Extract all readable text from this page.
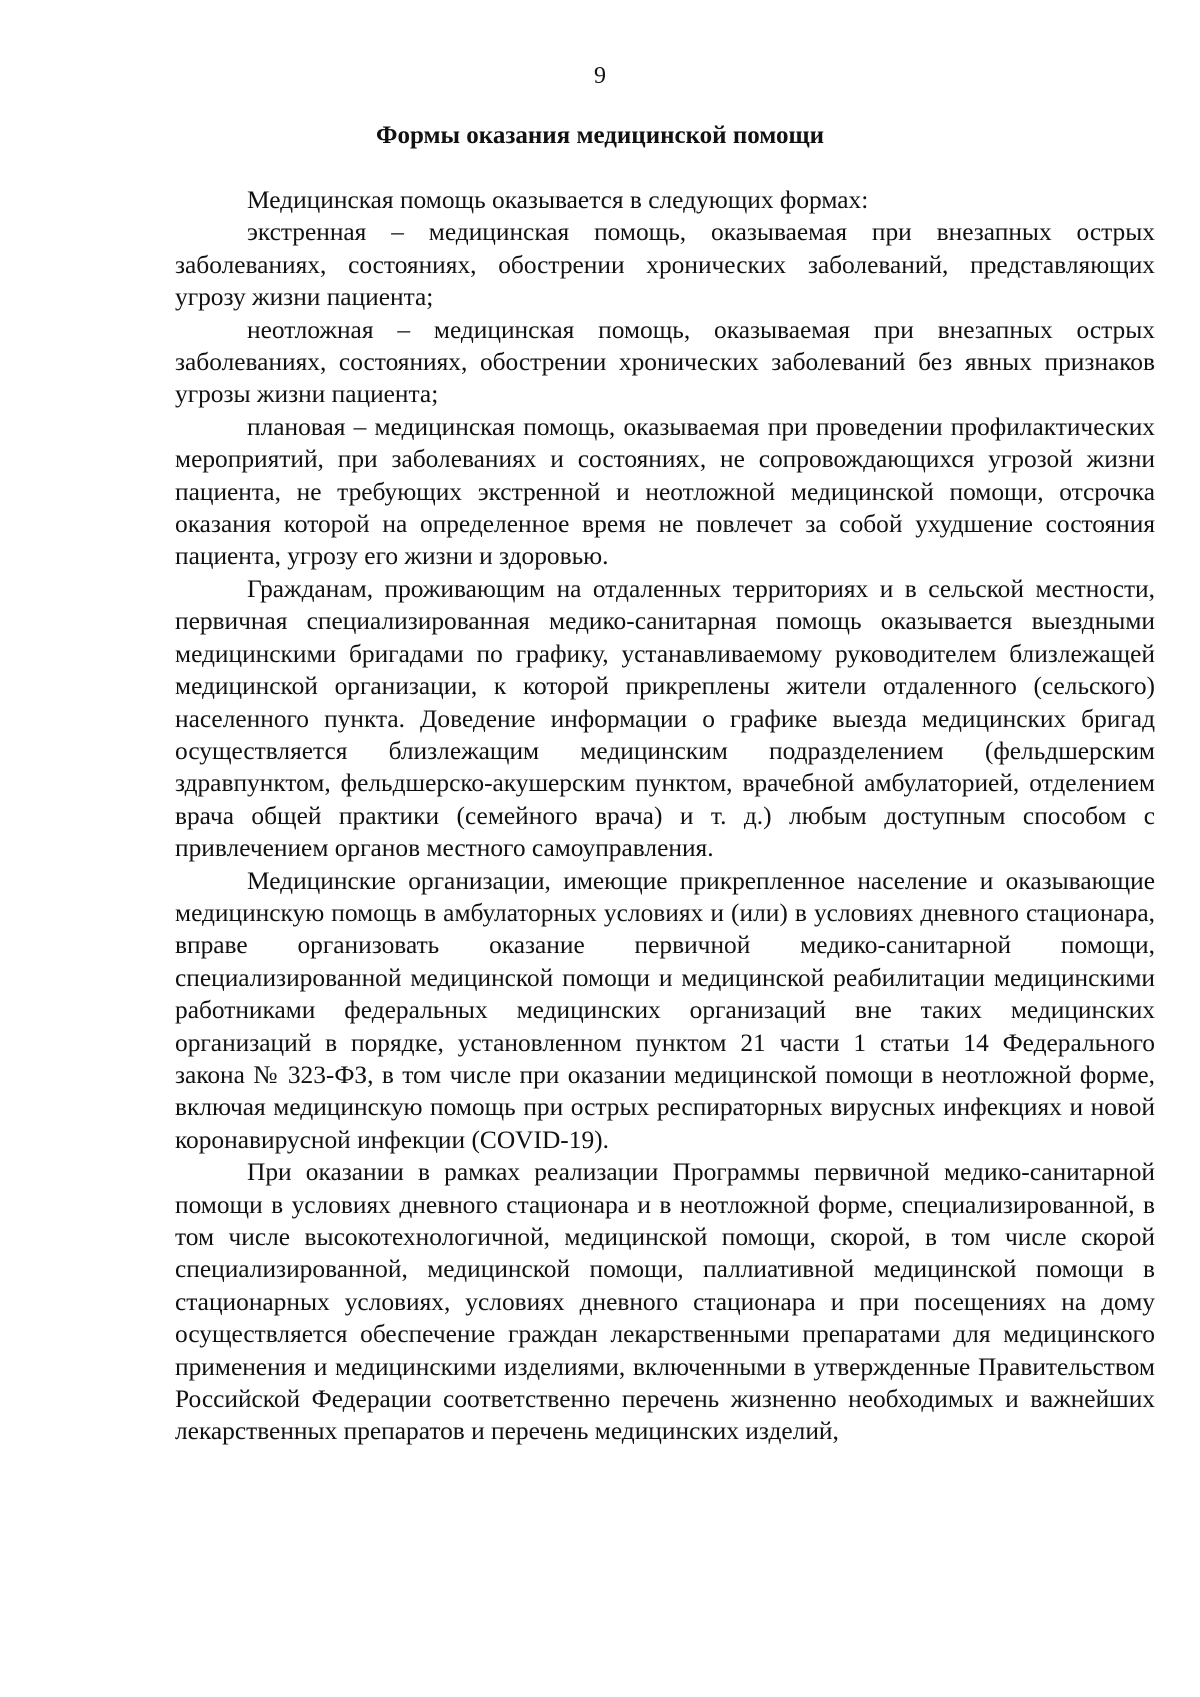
9
Формы оказания медицинской помощи

Медицинская помощь оказывается в следующих формах:

экстренная – медицинская помощь, оказываемая при внезапных острых заболеваниях, состояниях, обострении хронических заболеваний, представляющих угрозу жизни пациента;

неотложная – медицинская помощь, оказываемая при внезапных острых заболеваниях, состояниях, обострении хронических заболеваний без явных признаков угрозы жизни пациента;

плановая – медицинская помощь, оказываемая при проведении профилактических мероприятий, при заболеваниях и состояниях, не сопровождающихся угрозой жизни пациента, не требующих экстренной и неотложной медицинской помощи, отсрочка оказания которой на определенное время не повлечет за собой ухудшение состояния пациента, угрозу его жизни и здоровью.

Гражданам, проживающим на отдаленных территориях и в сельской местности, первичная специализированная медико-санитарная помощь оказывается выездными медицинскими бригадами по графику, устанавливаемому руководителем близлежащей медицинской организации, к которой прикреплены жители отдаленного (сельского) населенного пункта. Доведение информации о графике выезда медицинских бригад осуществляется близлежащим медицинским подразделением (фельдшерским здравпунктом, фельдшерско-акушерским пунктом, врачебной амбулаторией, отделением врача общей практики (семейного врача) и т. д.) любым доступным способом с привлечением органов местного самоуправления.

Медицинские организации, имеющие прикрепленное население и оказывающие медицинскую помощь в амбулаторных условиях и (или) в условиях дневного стационара, вправе организовать оказание первичной медико-санитарной помощи, специализированной медицинской помощи и медицинской реабилитации медицинскими работниками федеральных медицинских организаций вне таких медицинских организаций в порядке, установленном пунктом 21 части 1 статьи 14 Федерального закона № 323-ФЗ, в том числе при оказании медицинской помощи в неотложной форме, включая медицинскую помощь при острых респираторных вирусных инфекциях и новой коронавирусной инфекции (COVID-19).

При оказании в рамках реализации Программы первичной медико-санитарной помощи в условиях дневного стационара и в неотложной форме, специализированной, в том числе высокотехнологичной, медицинской помощи, скорой, в том числе скорой специализированной, медицинской помощи, паллиативной медицинской помощи в стационарных условиях, условиях дневного стационара и при посещениях на дому осуществляется обеспечение граждан лекарственными препаратами для медицинского применения и медицинскими изделиями, включенными в утвержденные Правительством Российской Федерации соответственно перечень жизненно необходимых и важнейших лекарственных препаратов и перечень медицинских изделий,
